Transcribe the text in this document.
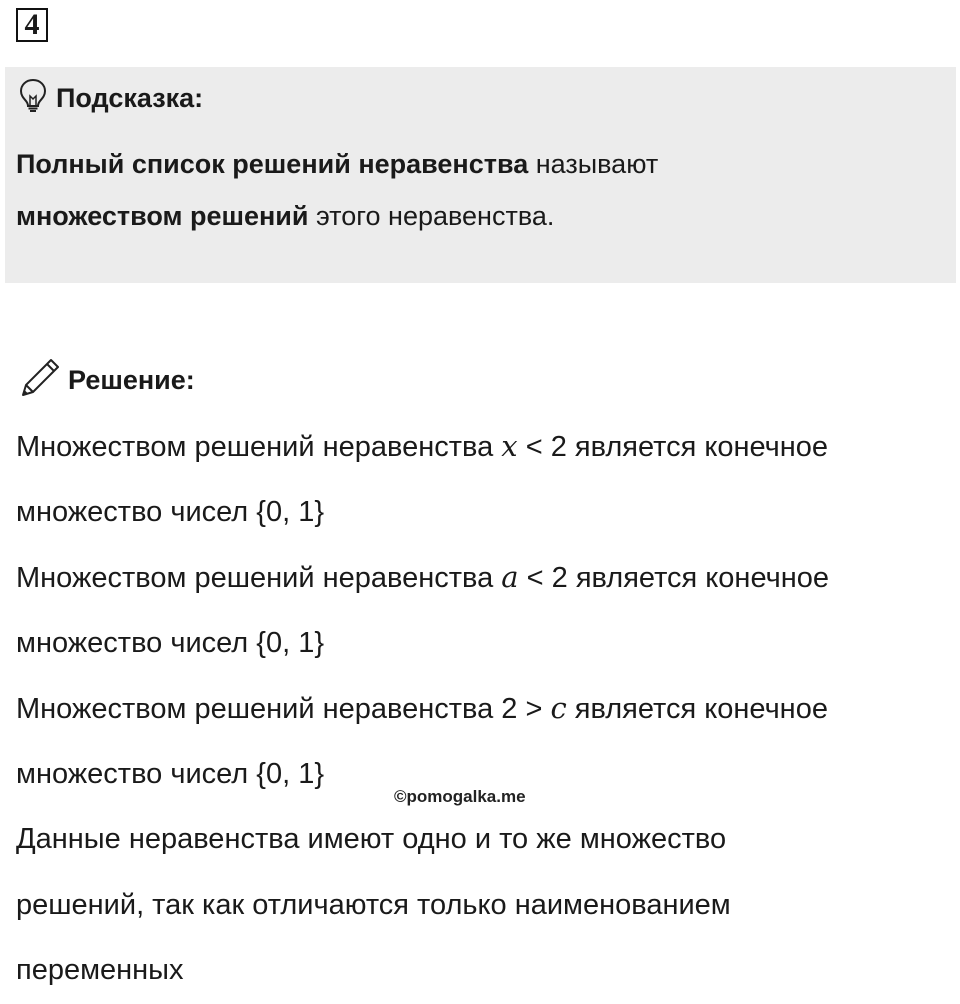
4
Подсказка:
Полный список решений неравенства называют
множеством решений этого неравенства.
Решение:
Множеством решений неравенства x < 2 является конечное
множество чисел {0, 1}
Множеством решений неравенства a < 2 является конечное
множество чисел {0, 1}
Множеством решений неравенства 2 > c является конечное
множество чисел {0, 1}
Данные неравенства имеют одно и то же множество
решений, так как отличаются только наименованием
переменных
©pomogalka.me
